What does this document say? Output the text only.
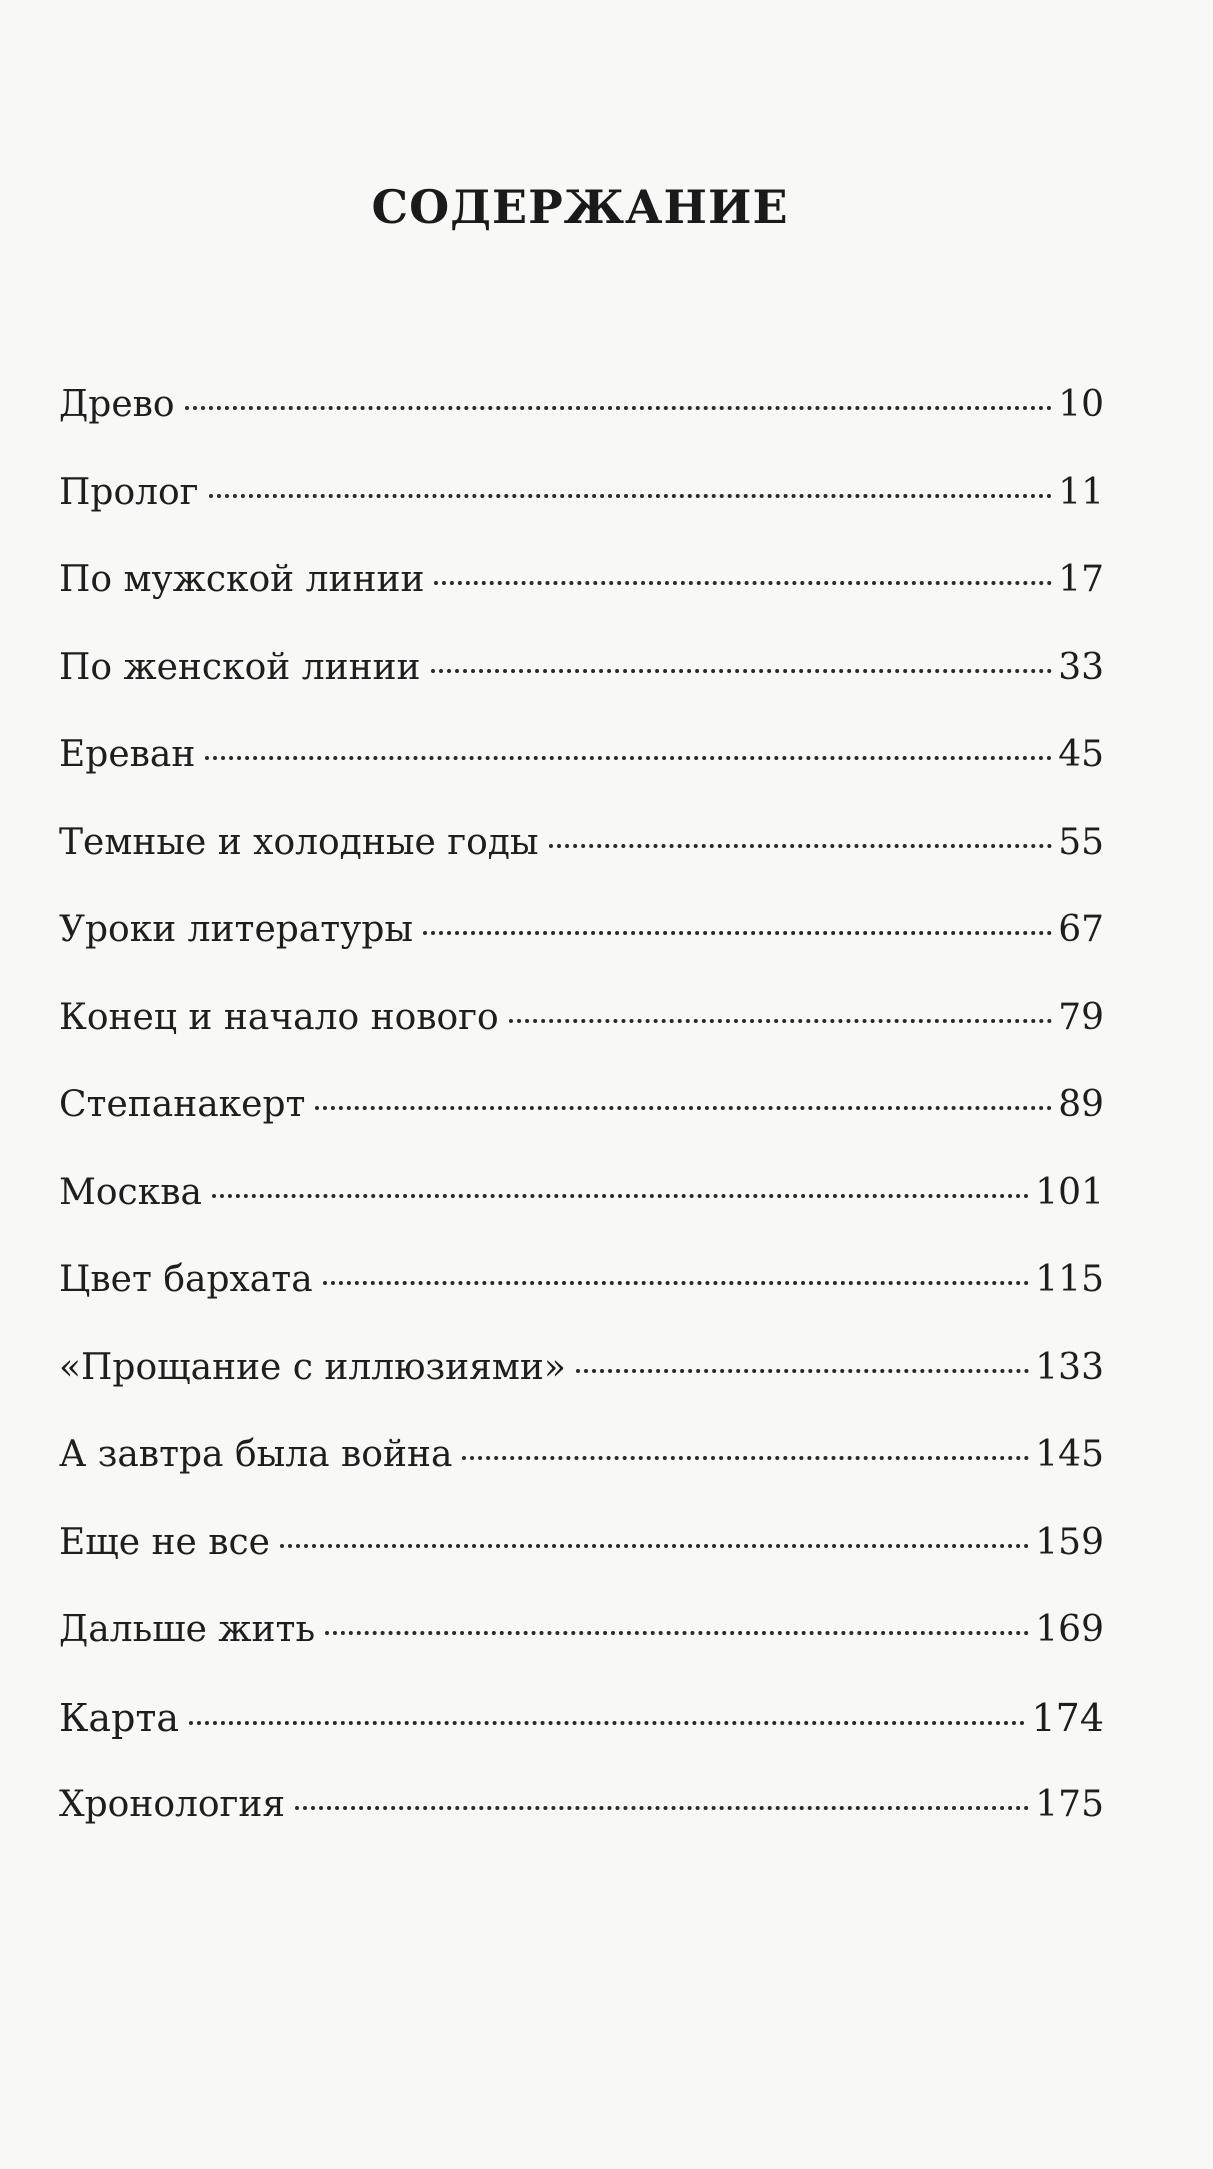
СОДЕРЖАНИЕ
Древо	10
Пролог	11
По мужской линии	17
По женской линии	33
Ереван	45
Темные и холодные годы	55
Уроки литературы	67
Конец и начало нового	79
Степанакерт	89
Москва	101
Цвет бархата	115
«Прощание с иллюзиями»	133
А завтра была война	145
Еще не все	159
Дальше жить	169
Карта	174
Хронология	175
